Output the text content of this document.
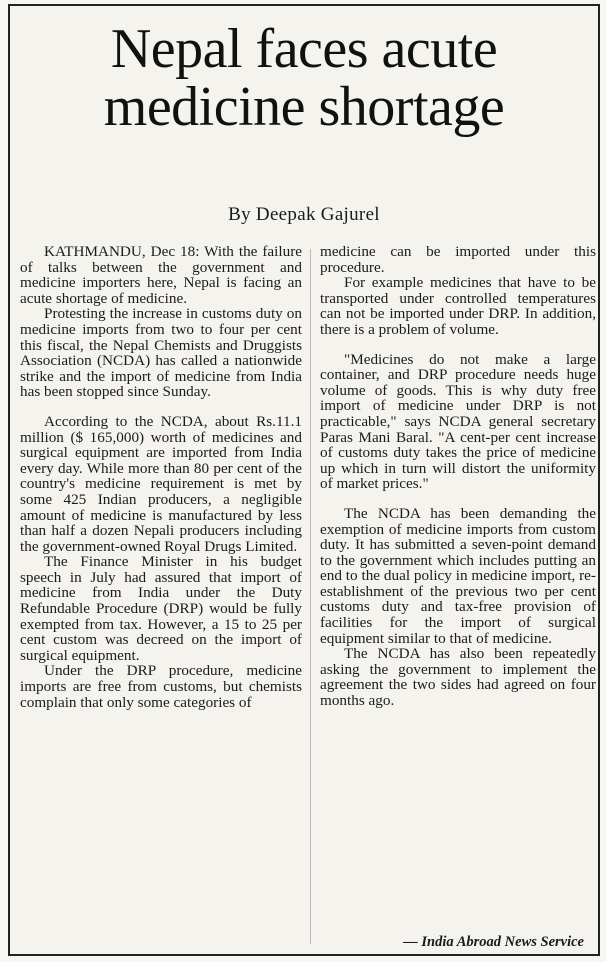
Nepal faces acute
medicine shortage
By Deepak Gajurel

KATHMANDU, Dec 18: With the failure of talks between the government and medicine importers here, Nepal is facing an acute shortage of medicine.

Protesting the increase in customs duty on medicine imports from two to four per cent this fiscal, the Nepal Chemists and Druggists Association (NCDA) has called a nationwide strike and the import of medicine from India has been stopped since Sunday.

According to the NCDA, about Rs.11.1 million ($ 165,000) worth of medicines and surgical equipment are imported from India every day. While more than 80 per cent of the country's medicine requirement is met by some 425 Indian producers, a negligible amount of medicine is manufactured by less than half a dozen Nepali producers including the government-owned Royal Drugs Limited.

The Finance Minister in his budget speech in July had assured that import of medicine from India under the Duty Refundable Procedure (DRP) would be fully exempted from tax. However, a 15 to 25 per cent custom was decreed on the import of surgical equipment.

Under the DRP procedure, medicine imports are free from customs, but chemists complain that only some categories of

medicine can be imported under this procedure.

For example medicines that have to be transported under controlled temperatures can not be imported under DRP. In addition, there is a problem of volume.

"Medicines do not make a large container, and DRP procedure needs huge volume of goods. This is why duty free import of medicine under DRP is not practicable," says NCDA general secretary Paras Mani Baral. "A cent-per cent increase of customs duty takes the price of medicine up which in turn will distort the uniformity of market prices."

The NCDA has been demanding the exemption of medicine imports from custom duty. It has submitted a seven-point demand to the government which includes putting an end to the dual policy in medicine import, re-establishment of the previous two per cent customs duty and tax-free provision of facilities for the import of surgical equipment similar to that of medicine.

The NCDA has also been repeatedly asking the government to implement the agreement the two sides had agreed on four months ago.

— India Abroad News Service
